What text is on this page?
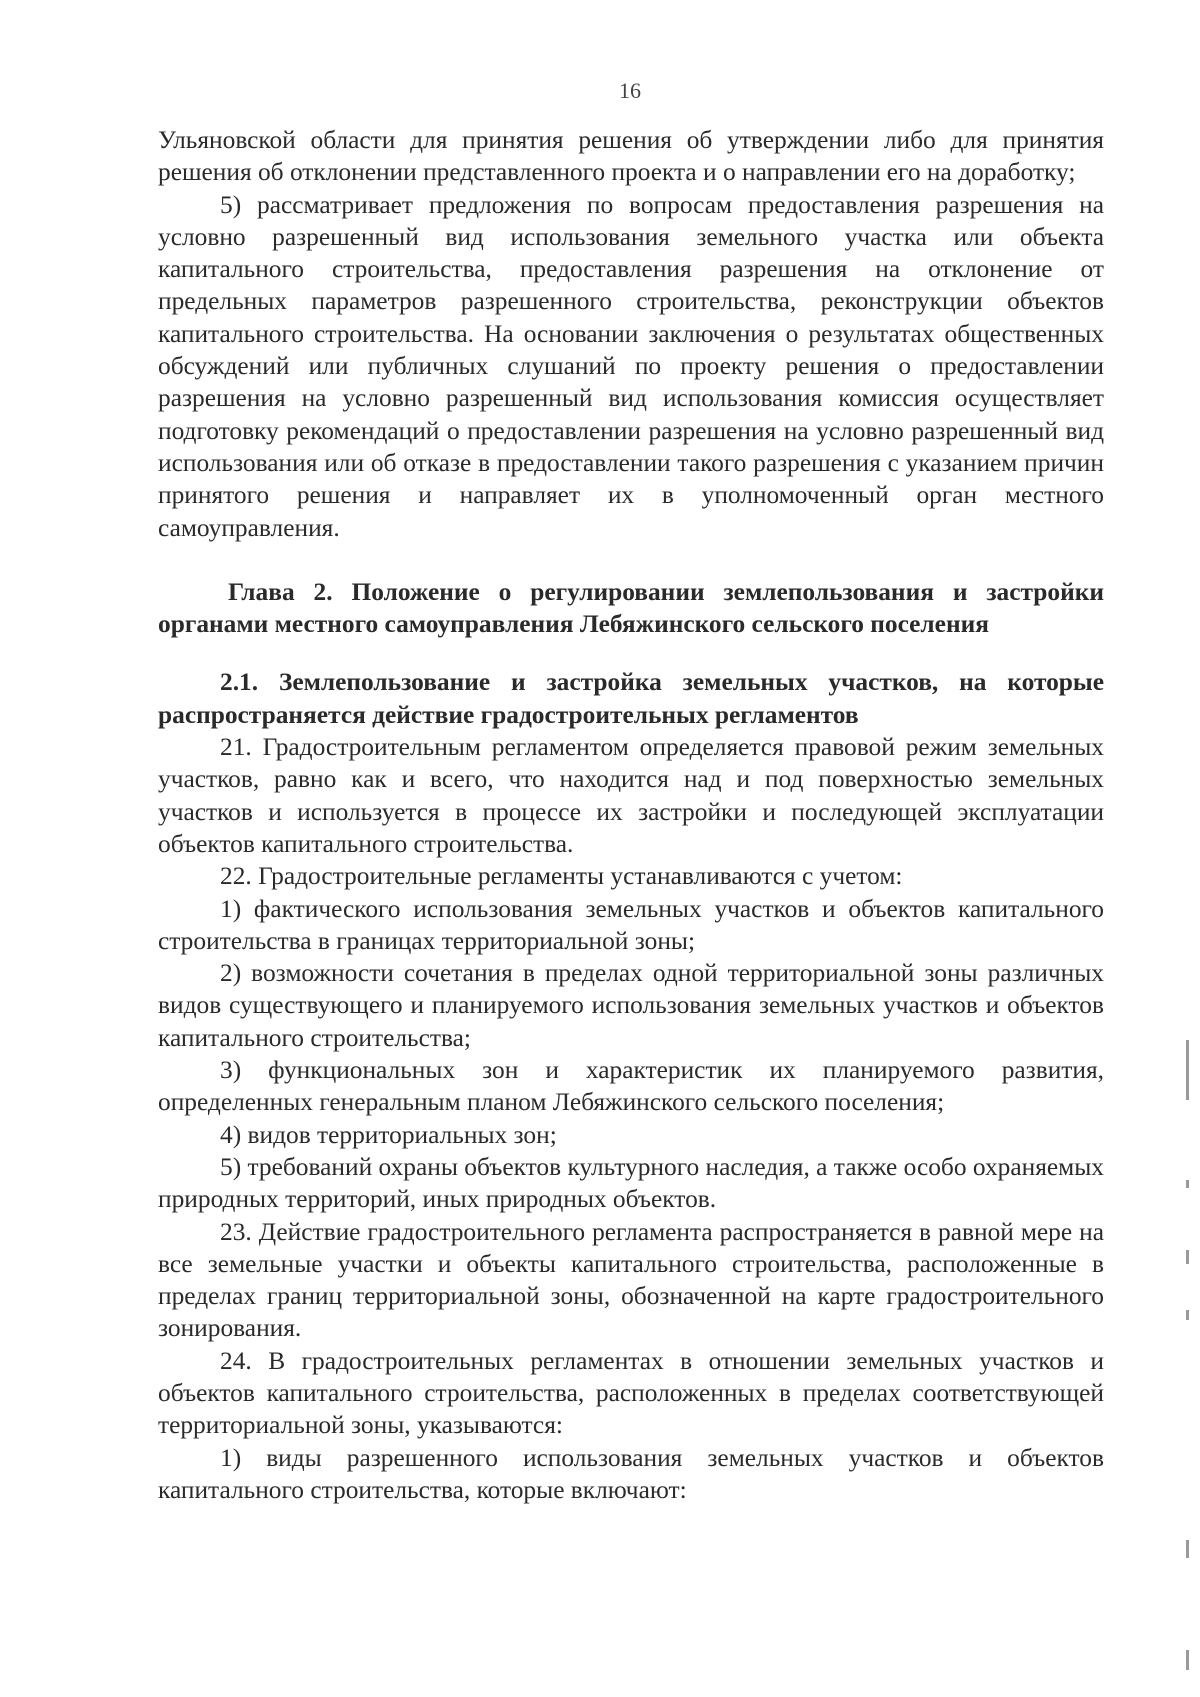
16

Ульяновской области для принятия решения об утверждении либо для принятия решения об отклонении представленного проекта и о направлении его на доработку;

5) рассматривает предложения по вопросам предоставления разрешения на условно разрешенный вид использования земельного участка или объекта капитального строительства, предоставления разрешения на отклонение от предельных параметров разрешенного строительства, реконструкции объектов капитального строительства. На основании заключения о результатах общественных обсуждений или публичных слушаний по проекту решения о предоставлении разрешения на условно разрешенный вид использования комиссия осуществляет подготовку рекомендаций о предоставлении разрешения на условно разрешенный вид использования или об отказе в предоставлении такого разрешения с указанием причин принятого решения и направляет их в уполномоченный орган местного самоуправления.

Глава 2. Положение о регулировании землепользования и застройки органами местного самоуправления Лебяжинского сельского поселения

2.1. Землепользование и застройка земельных участков, на которые распространяется действие градостроительных регламентов

21. Градостроительным регламентом определяется правовой режим земельных участков, равно как и всего, что находится над и под поверхностью земельных участков и используется в процессе их застройки и последующей эксплуатации объектов капитального строительства.

22. Градостроительные регламенты устанавливаются с учетом:

1) фактического использования земельных участков и объектов капитального строительства в границах территориальной зоны;

2) возможности сочетания в пределах одной территориальной зоны различных видов существующего и планируемого использования земельных участков и объектов капитального строительства;

3) функциональных зон и характеристик их планируемого развития, определенных генеральным планом Лебяжинского сельского поселения;

4) видов территориальных зон;

5) требований охраны объектов культурного наследия, а также особо охраняемых природных территорий, иных природных объектов.

23. Действие градостроительного регламента распространяется в равной мере на все земельные участки и объекты капитального строительства, расположенные в пределах границ территориальной зоны, обозначенной на карте градостроительного зонирования.

24. В градостроительных регламентах в отношении земельных участков и объектов капитального строительства, расположенных в пределах соответствующей территориальной зоны, указываются:

1) виды разрешенного использования земельных участков и объектов капитального строительства, которые включают:
